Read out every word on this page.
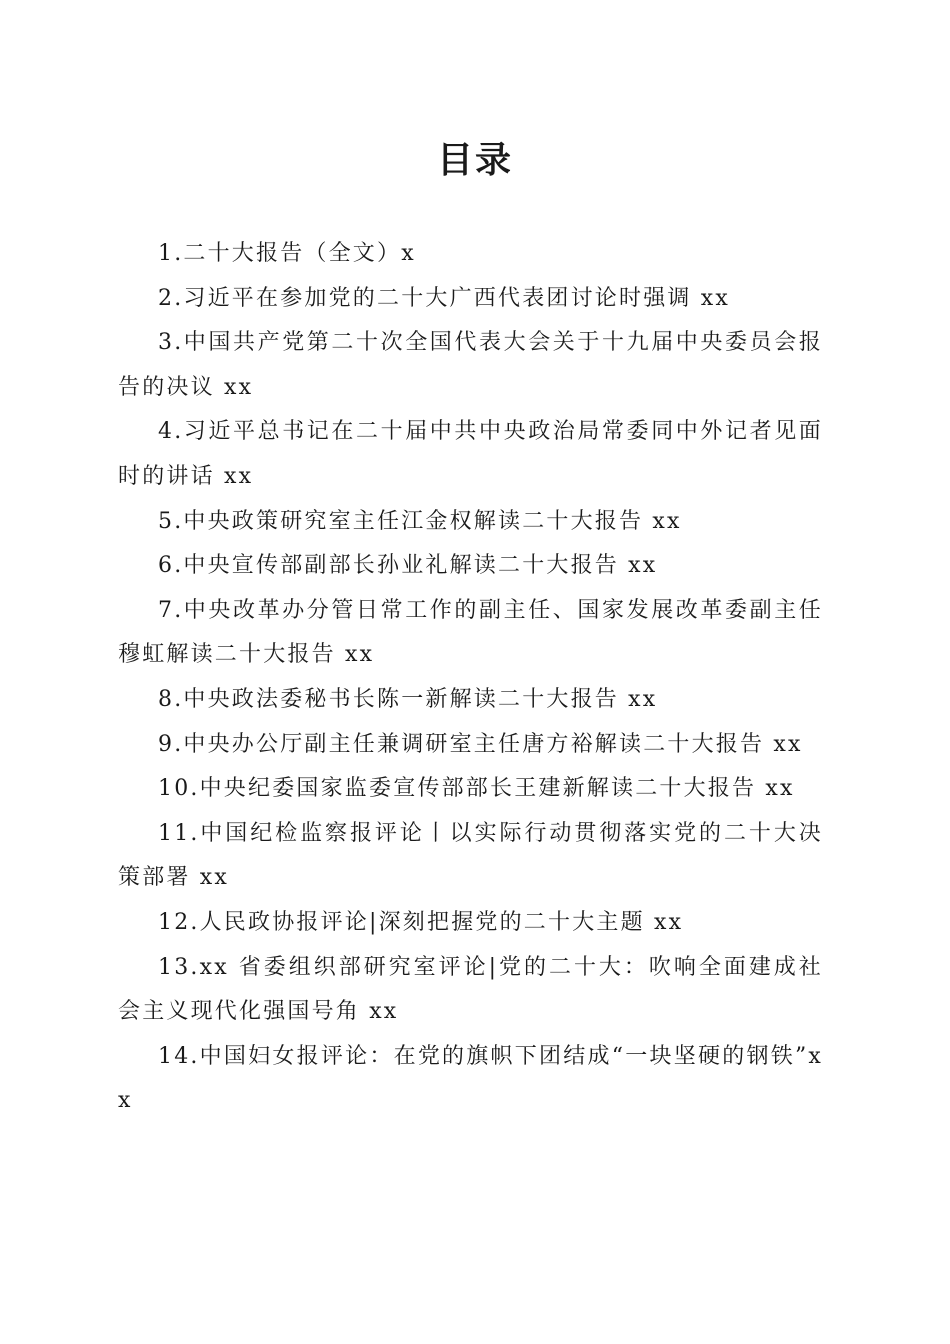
目录
1.二十大报告（全文）x
2.习近平在参加党的二十大广西代表团讨论时强调 xx
3.中国共产党第二十次全国代表大会关于十九届中央委员会报告的决议 xx
4.习近平总书记在二十届中共中央政治局常委同中外记者见面时的讲话 xx
5.中央政策研究室主任江金权解读二十大报告 xx
6.中央宣传部副部长孙业礼解读二十大报告 xx
7.中央改革办分管日常工作的副主任、国家发展改革委副主任穆虹解读二十大报告 xx
8.中央政法委秘书长陈一新解读二十大报告 xx
9.中央办公厅副主任兼调研室主任唐方裕解读二十大报告 xx
10.中央纪委国家监委宣传部部长王建新解读二十大报告 xx
11.中国纪检监察报评论丨以实际行动贯彻落实党的二十大决策部署 xx
12.人民政协报评论|深刻把握党的二十大主题 xx
13.xx 省委组织部研究室评论|党的二十大：吹响全面建成社会主义现代化强国号角 xx
14.中国妇女报评论：在党的旗帜下团结成“一块坚硬的钢铁”xx
